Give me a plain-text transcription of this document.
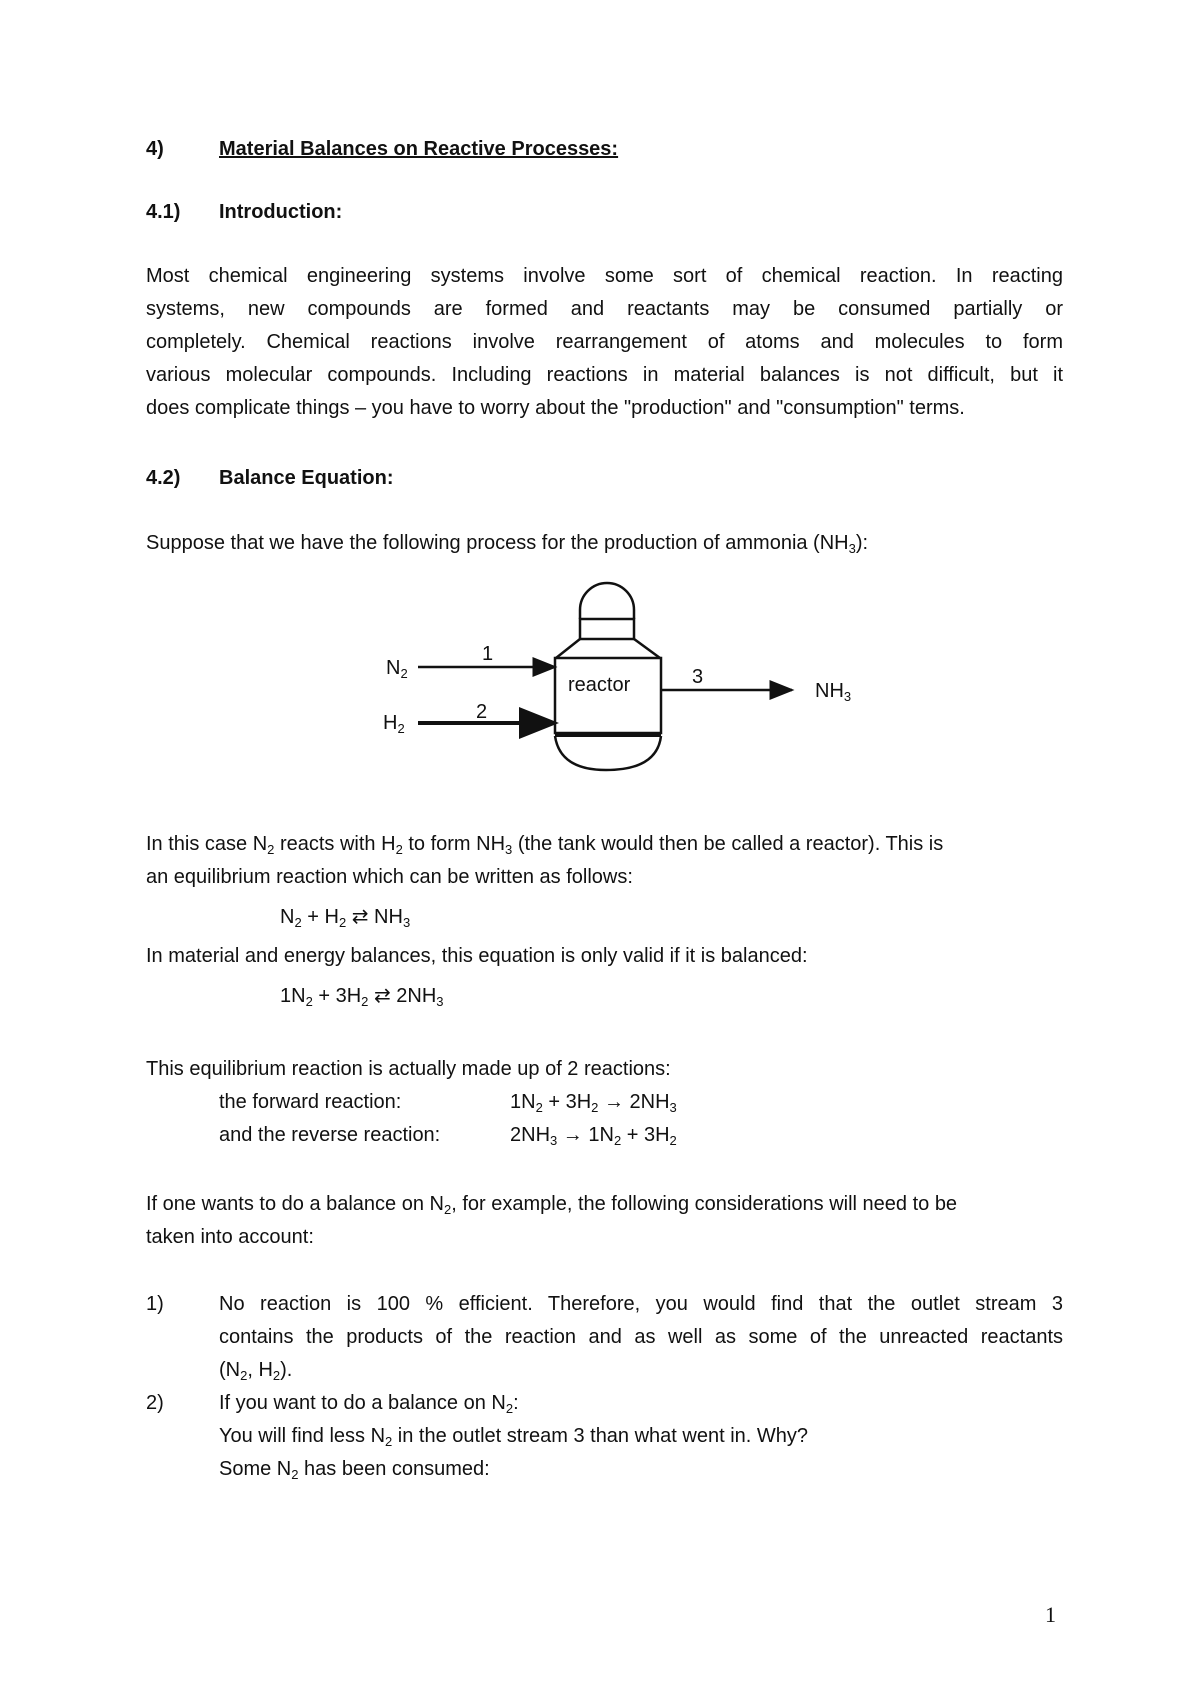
4)	Material Balances on Reactive Processes:
4.1) Introduction:
Most chemical engineering systems involve some sort of chemical reaction. In reacting
systems, new compounds are formed and reactants may be consumed partially or
completely. Chemical reactions involve rearrangement of atoms and molecules to form
various molecular compounds. Including reactions in material balances is not difficult, but it
does complicate things – you have to worry about the "production" and "consumption" terms.
4.2) Balance Equation:
Suppose that we have the following process for the production of ammonia $(NH_3)$:
$N_2$
$H_2$
1
2
3
reactor	$NH_3$
In this case $N_2$ reacts with $H_2$ to form $NH_3$ (the tank would then be called a reactor). This is
an equilibrium reaction which can be written as follows:
$N_2 + H_2$ ⇄ $NH_3$
In material and energy balances, this equation is only valid if it is balanced:
$1N_2 + 3H_2$ ⇄ $2NH_3$
This equilibrium reaction is actually made up of 2 reactions:
the forward reaction:	$1N_2 + 3H_2 \to 2NH_3$
and the reverse reaction:	$2NH_3 \to 1N_2 + 3H_2$
If one wants to do a balance on $N_2$, for example, the following considerations will need to be
taken into account:
1)	No reaction is 100 % efficient. Therefore, you would find that the outlet stream 3
contains the products of the reaction and as well as some of the unreacted reactants
($N_2$, $H_2$).
2)	If you want to do a balance on $N_2$:
You will find less $N_2$ in the outlet stream 3 than what went in. Why?
Some $N_2$ has been consumed:
1
